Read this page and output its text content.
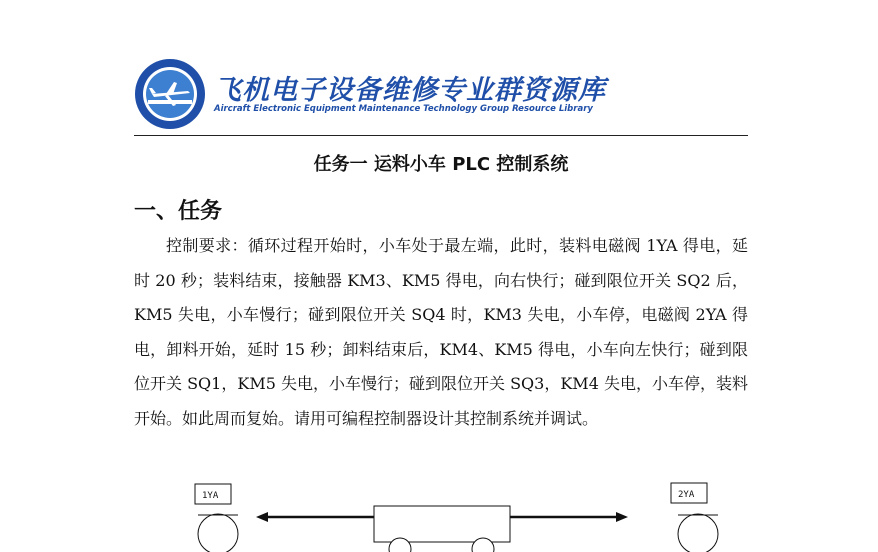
飞机电子设备维修专业群资源库
Aircraft Electronic Equipment Maintenance Technology Group Resource Library
任务一 运料小车 PLC 控制系统
一、任务

控制要求：循环过程开始时，小车处于最左端，此时，装料电磁阀 1YA 得电，延时 20 秒；装料结束，接触器 KM3、KM5 得电，向右快行；碰到限位开关 SQ2 后，KM5 失电，小车慢行；碰到限位开关 SQ4 时，KM3 失电，小车停，电磁阀 2YA 得电，卸料开始，延时 15 秒；卸料结束后，KM4、KM5 得电，小车向左快行；碰到限位开关 SQ1，KM5 失电，小车慢行；碰到限位开关 SQ3，KM4 失电，小车停，装料开始。如此周而复始。请用可编程控制器设计其控制系统并调试。

1YA	2YA
